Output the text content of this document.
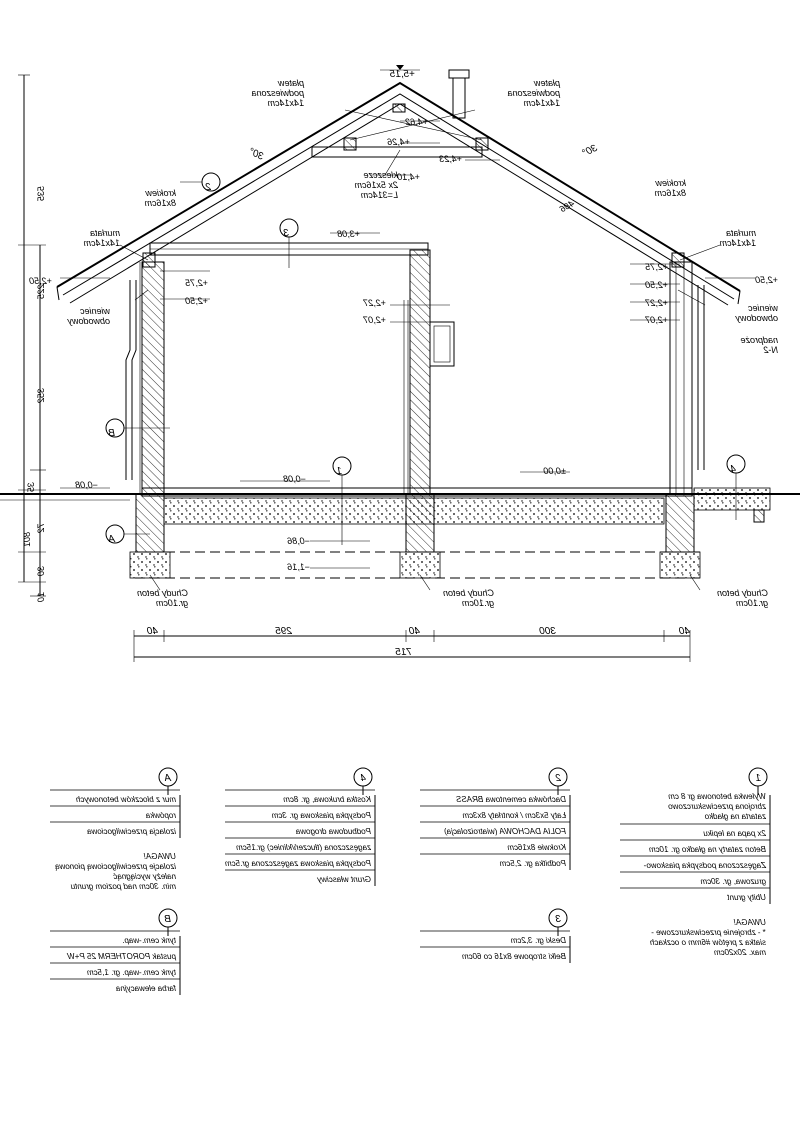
+5,15
+4,62
+4,26
+4,23
+4,10
+3,08
+2,27
+2,07
+2,75
+2,50
+2,50
+2,75
+2,50
+2,27
+2,07
+2,50
±0,00
−0,08
−0,08
−0,86
−1,16
30°	30°
486
płatew
podwieszona
14x14cm
płatew
podwieszona
14x14cm
kleszcze
2x 5x16cm
L=314cm
krokiew
8x16cm
krokiew
8x16cm
murłata
14x14cm
murłata
14x14cm
wieniec
obwodowy
wieniec
obwodowy
nadproże
N-2
Chudy beton
gr.10cm
Chudy beton
gr.10cm
Chudy beton
gr.10cm
2
3
B
1
A
4
535
225
352
35
72
801
30
10
40	295	40	300	40
715
1
Wylewka betonowa gr 8 cm
zbrojona przeciwskurczowo
zatarta na gładko
2x papa na lepiku
Beton zatarty na gładko gr. 10cm
Zagęszczona podsypka piaskowo-
gruzowa, gr. 30cm
Ubity grunt
UWAGA!
* - zbrojenie przeciwskurczowe -
siatka z prętów #6mm o oczkach
max. 20x20cm
2
Dachówka cementowa BRASS
Łaty 5x3cm / kontrłaty 8x3cm
FOLIA DACHOWA (wiatroizolacja)
Krokwie 8x16cm
Podbitka gr. 2,5cm
3
Deski gr. 3,2cm
Belki stropowe 8x16 co 60cm
4
Kostka brukowa, gr. 8cm
Podsypka piaskowa gr. 3cm
Podbudowa drogowa
zagęszczona (tłuczeń/kliniec) gr.15cm
Podsypka piaskowa zagęszczona gr.5cm
Grunt własciwy
A
mur z bloczków betonowych
ropówka
izolacja przeciwilgociowa
UWAGA!
izolacje przeciwilgociową pionową
należy wyciągnąć
min. 30cm nad poziom gruntu
B
tynk cem.-wap.
pustak POROTHERM 25 P+W
tynk cem.-wap. gr. 1,5cm
farba elewacyjna
